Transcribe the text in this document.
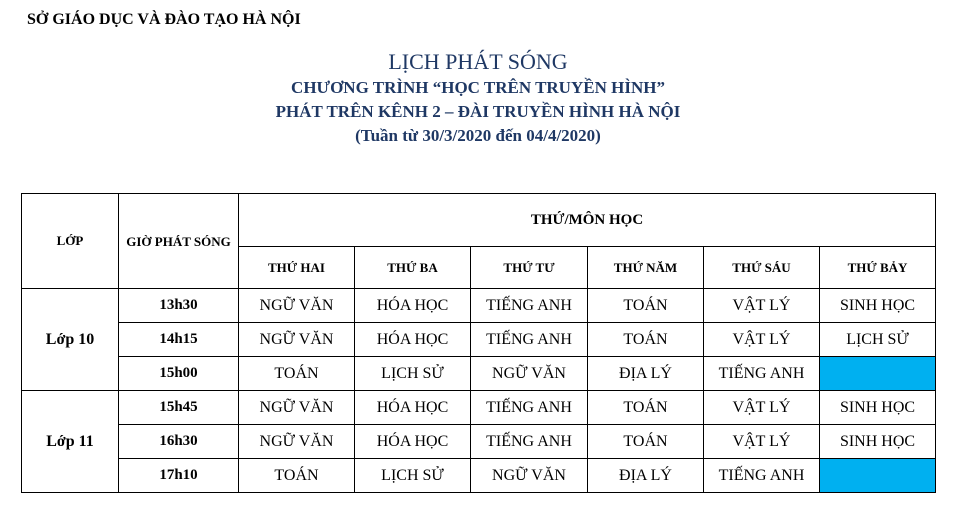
SỞ GIÁO DỤC VÀ ĐÀO TẠO HÀ NỘI
LỊCH PHÁT SÓNG
CHƯƠNG TRÌNH “HỌC TRÊN TRUYỀN HÌNH”
PHÁT TRÊN KÊNH 2 – ĐÀI TRUYỀN HÌNH HÀ NỘI
(Tuần từ 30/3/2020 đến 04/4/2020)
LỚP	GIỜ PHÁT SÓNG	THỨ/MÔN HỌC					
		THỨ HAI	THỨ BA	THỨ TƯ	THỨ NĂM	THỨ SÁU	THỨ BẢY
Lớp 10	13h30	NGỮ VĂN	HÓA HỌC	TIẾNG ANH	TOÁN	VẬT LÝ	SINH HỌC
	14h15	NGỮ VĂN	HÓA HỌC	TIẾNG ANH	TOÁN	VẬT LÝ	LỊCH SỬ
	15h00	TOÁN	LỊCH SỬ	NGỮ VĂN	ĐỊA LÝ	TIẾNG ANH	
Lớp 11	15h45	NGỮ VĂN	HÓA HỌC	TIẾNG ANH	TOÁN	VẬT LÝ	SINH HỌC
	16h30	NGỮ VĂN	HÓA HỌC	TIẾNG ANH	TOÁN	VẬT LÝ	SINH HỌC
	17h10	TOÁN	LỊCH SỬ	NGỮ VĂN	ĐỊA LÝ	TIẾNG ANH	
